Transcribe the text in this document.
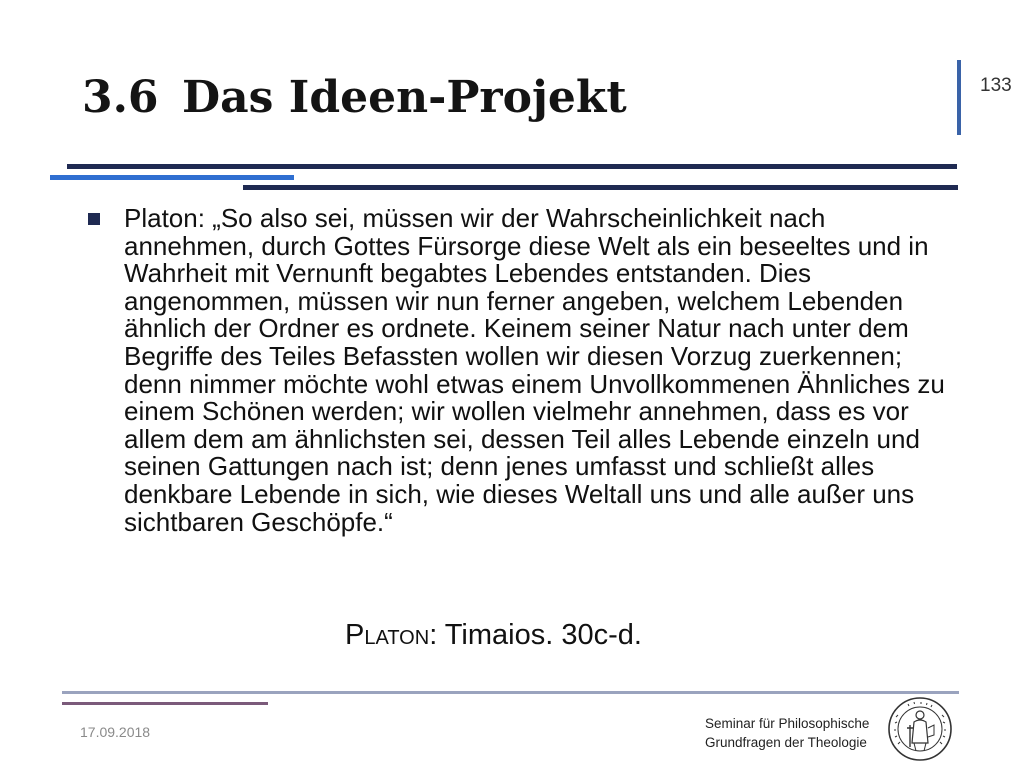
3.6 Das Ideen-Projekt	133

Platon: „So also sei, müssen wir der Wahrscheinlichkeit nach annehmen, durch Gottes Fürsorge diese Welt als ein beseeltes und in Wahrheit mit Vernunft begabtes Lebendes entstanden. Dies angenommen, müssen wir nun ferner angeben, welchem Lebenden ähnlich der Ordner es ordnete. Keinem seiner Natur nach unter dem Begriffe des Teiles Befassten wollen wir diesen Vorzug zuerkennen; denn nimmer möchte wohl etwas einem Unvollkommenen Ähnliches zu einem Schönen werden; wir wollen vielmehr annehmen, dass es vor allem dem am ähnlichsten sei, dessen Teil alles Lebende einzeln und seinen Gattungen nach ist; denn jenes umfasst und schließt alles denkbare Lebende in sich, wie dieses Weltall uns und alle außer uns sichtbaren Geschöpfe.“

Platon: Timaios. 30c-d.
17.09.2018
Seminar für Philosophische
Grundfragen der Theologie
